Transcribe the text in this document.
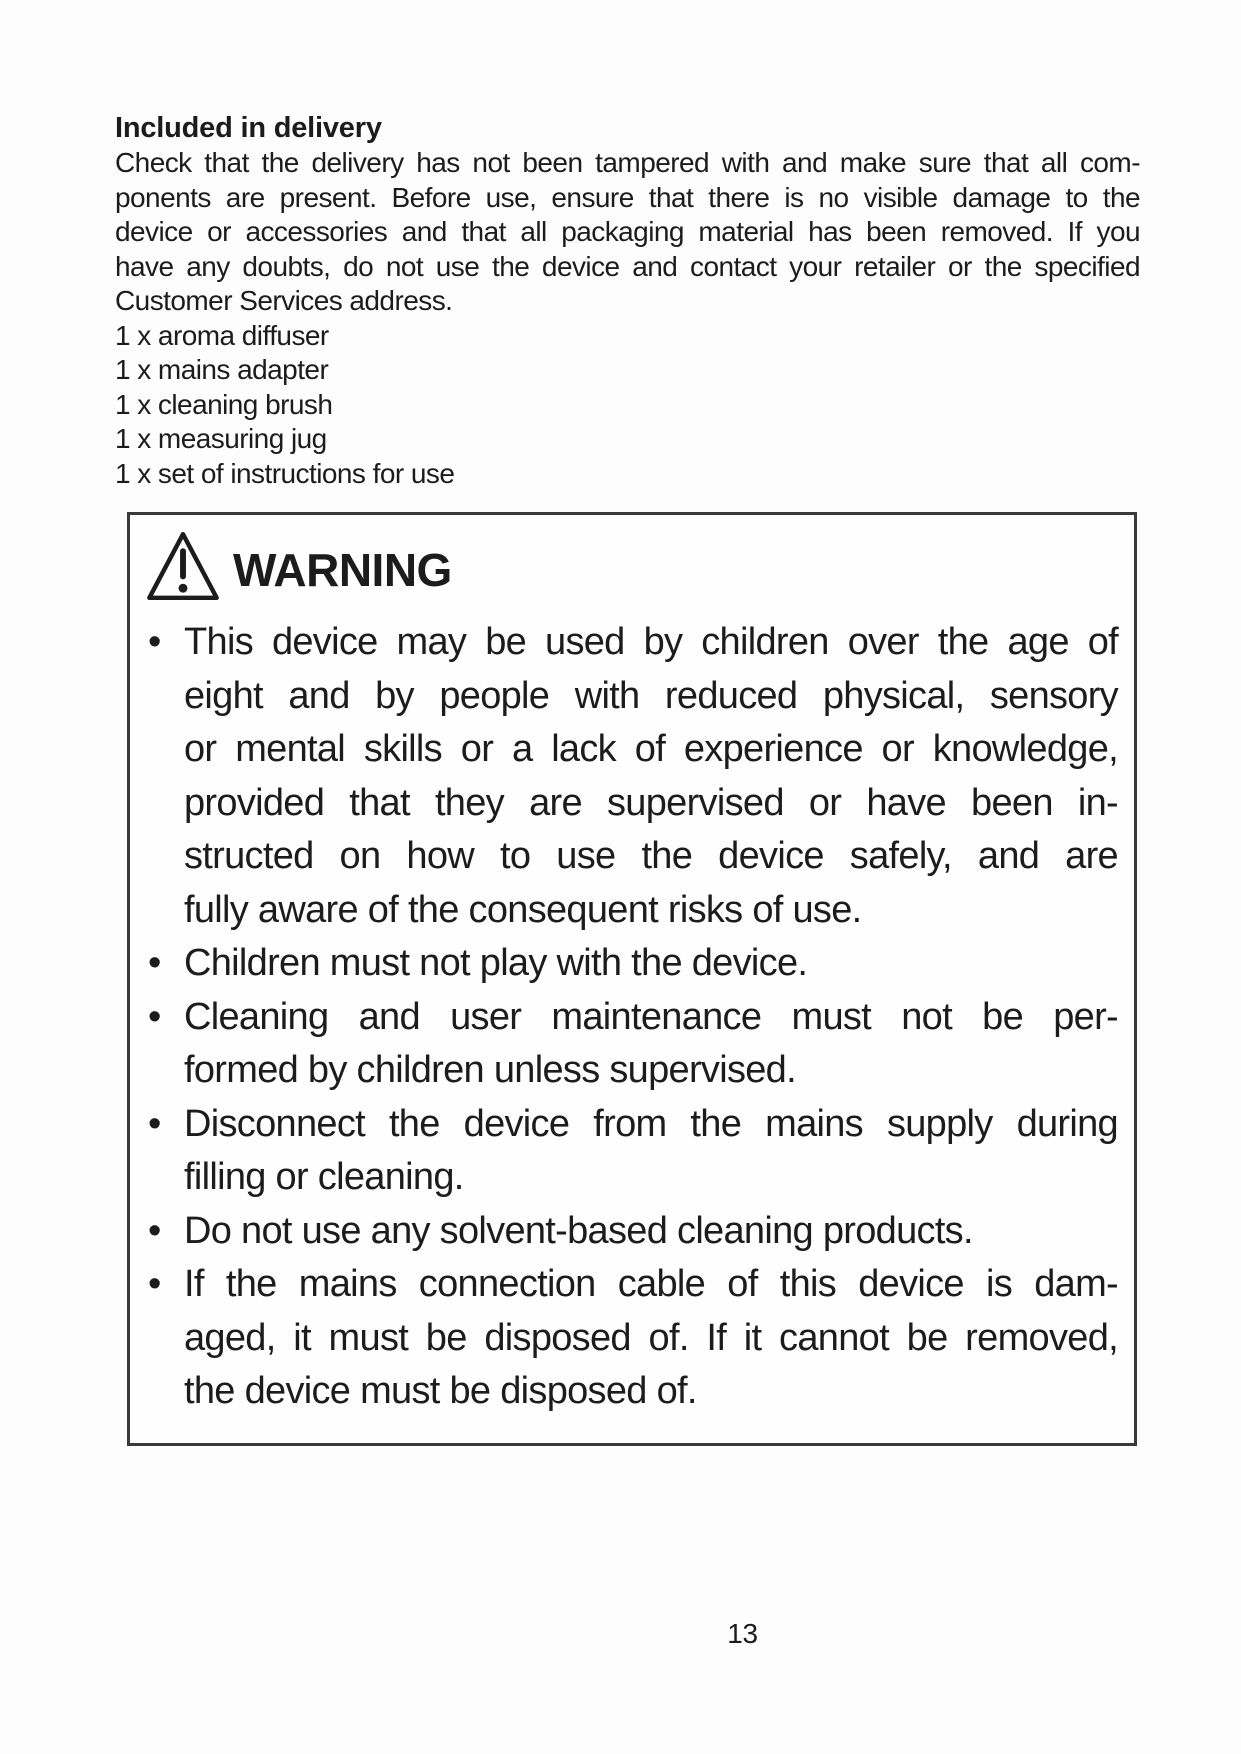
Included in delivery
Check that the delivery has not been tampered with and make sure that all com-
ponents are present. Before use, ensure that there is no visible damage to the
device or accessories and that all packaging material has been removed. If you
have any doubts, do not use the device and contact your retailer or the specified
Customer Services address.
1 x aroma diffuser
1 x mains adapter
1 x cleaning brush
1 x measuring jug
1 x set of instructions for use
WARNING
• This device may be used by children over the age of
eight and by people with reduced physical, sensory
or mental skills or a lack of experience or knowledge,
provided that they are supervised or have been in-
structed on how to use the device safely, and are
fully aware of the consequent risks of use.
• Children must not play with the device.
• Cleaning and user maintenance must not be per-
formed by children unless supervised.
• Disconnect the device from the mains supply during
filling or cleaning.
• Do not use any solvent-based cleaning products.
• If the mains connection cable of this device is dam-
aged, it must be disposed of. If it cannot be removed,
the device must be disposed of.
13
